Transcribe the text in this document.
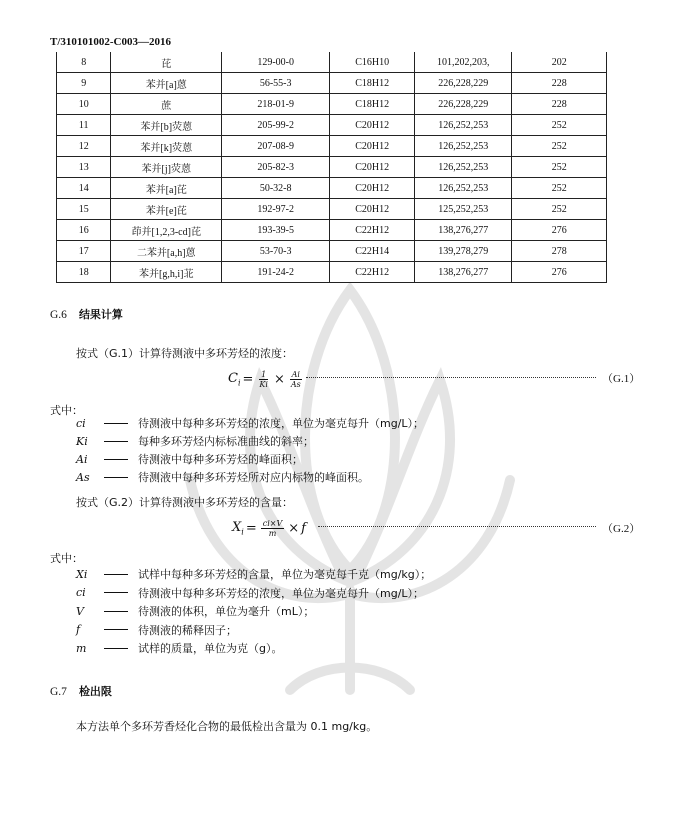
T/310101002-C003—2016
8	芘	129-00-0	C16H10	101,202,203,	202
9	苯并[a]蒽	56-55-3	C18H12	226,228,229	228
10	蔗	218-01-9	C18H12	226,228,229	228
11	苯并[b]荧蒽	205-99-2	C20H12	126,252,253	252
12	苯并[k]荧蒽	207-08-9	C20H12	126,252,253	252
13	苯并[j]荧蒽	205-82-3	C20H12	126,252,253	252
14	苯并[a]芘	50-32-8	C20H12	126,252,253	252
15	苯并[e]芘	192-97-2	C20H12	125,252,253	252
16	茚并[1,2,3-cd]芘	193-39-5	C22H12	138,276,277	276
17	二苯并[a,h]蒽	53-70-3	C22H14	139,278,279	278
18	苯并[g,h,i]苝	191-24-2	C22H12	138,276,277	276
G.6 结果计算
按式（G.1）计算待测液中多环芳烃的浓度：
$C_i = \frac{1}{Ki} \times \frac{Ai}{As}$	（G.1）
式中：
ci	待测液中每种多环芳烃的浓度，单位为毫克每升（mg/L）；
Ki	每种多环芳烃内标标准曲线的斜率；
Ai	待测液中每种多环芳烃的峰面积；
As	待测液中每种多环芳烃所对应内标物的峰面积。
按式（G.2）计算待测液中多环芳烃的含量：
$X_i = \frac{ci\times V}{m} \times f$	（G.2）
式中：
Xi	试样中每种多环芳烃的含量，单位为毫克每千克（mg/kg）；
ci	待测液中每种多环芳烃的浓度，单位为毫克每升（mg/L）；
V	待测液的体积，单位为毫升（mL）；
f	待测液的稀释因子；
m	试样的质量，单位为克（g）。
G.7 检出限
本方法单个多环芳香烃化合物的最低检出含量为 0.1 mg/kg。
